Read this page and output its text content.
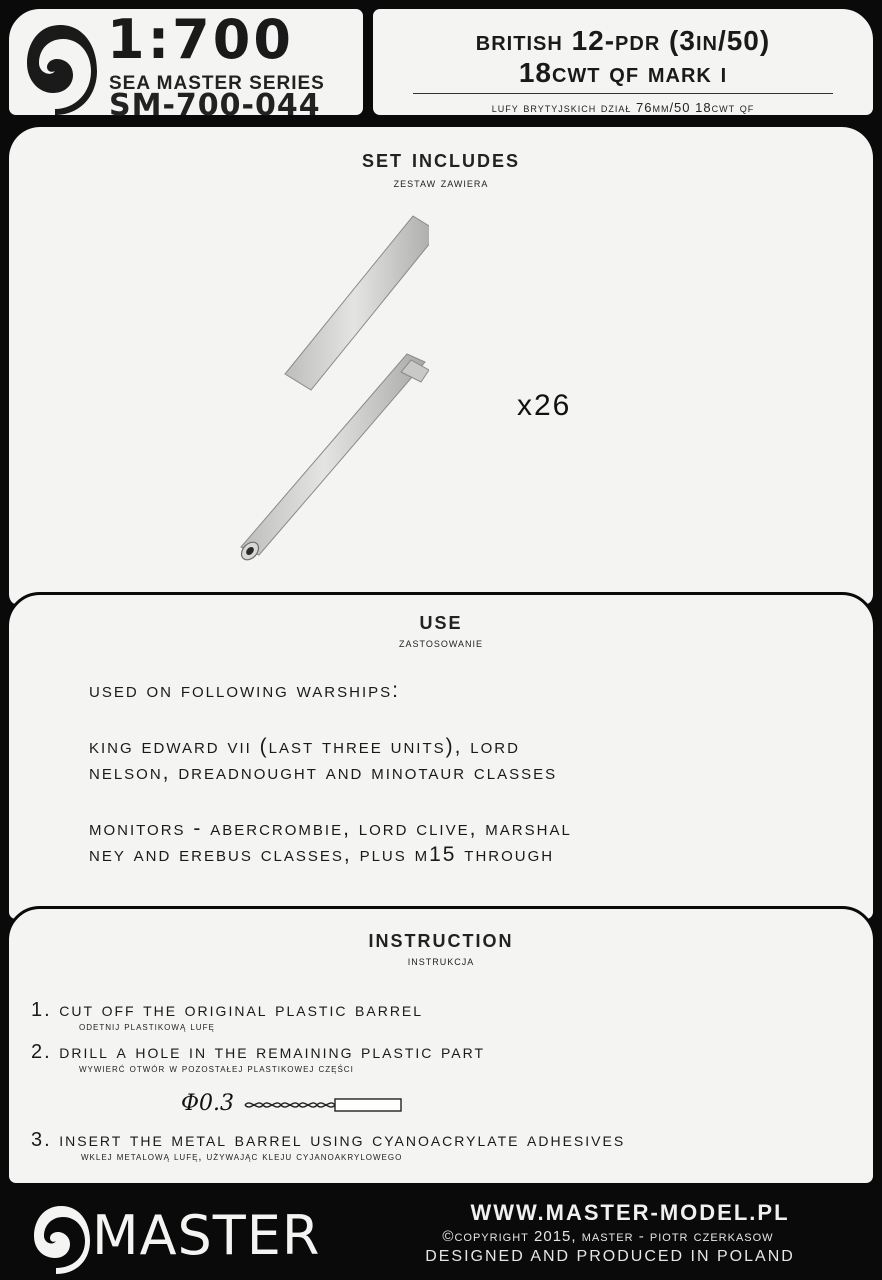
1:700
SEA MASTER SERIES
SM-700-044
british 12-pdr (3in/50)
18cwt qf mark i
lufy brytyjskich dział 76mm/50 18cwt qf
set includes
zestaw zawiera
x26
use
zastosowanie
used on following warships:
king edward vii (last three units), lord
nelson, dreadnought and minotaur classes
monitors - abercrombie, lord clive, marshal
ney and erebus classes, plus m15 through
instruction
instrukcja
1. cut off the original plastic barrel
odetnij plastikową lufę
2. drill a hole in the remaining plastic part
wywierć otwór w pozostałej plastikowej części
Φ0.3
3. insert the metal barrel using cyanoacrylate adhesives
wklej metalową lufę, używając kleju cyjanoakrylowego
MASTER	WWW.MASTER-MODEL.PL
©copyright 2015, master - piotr czerkasow
DESIGNED AND PRODUCED IN POLAND
